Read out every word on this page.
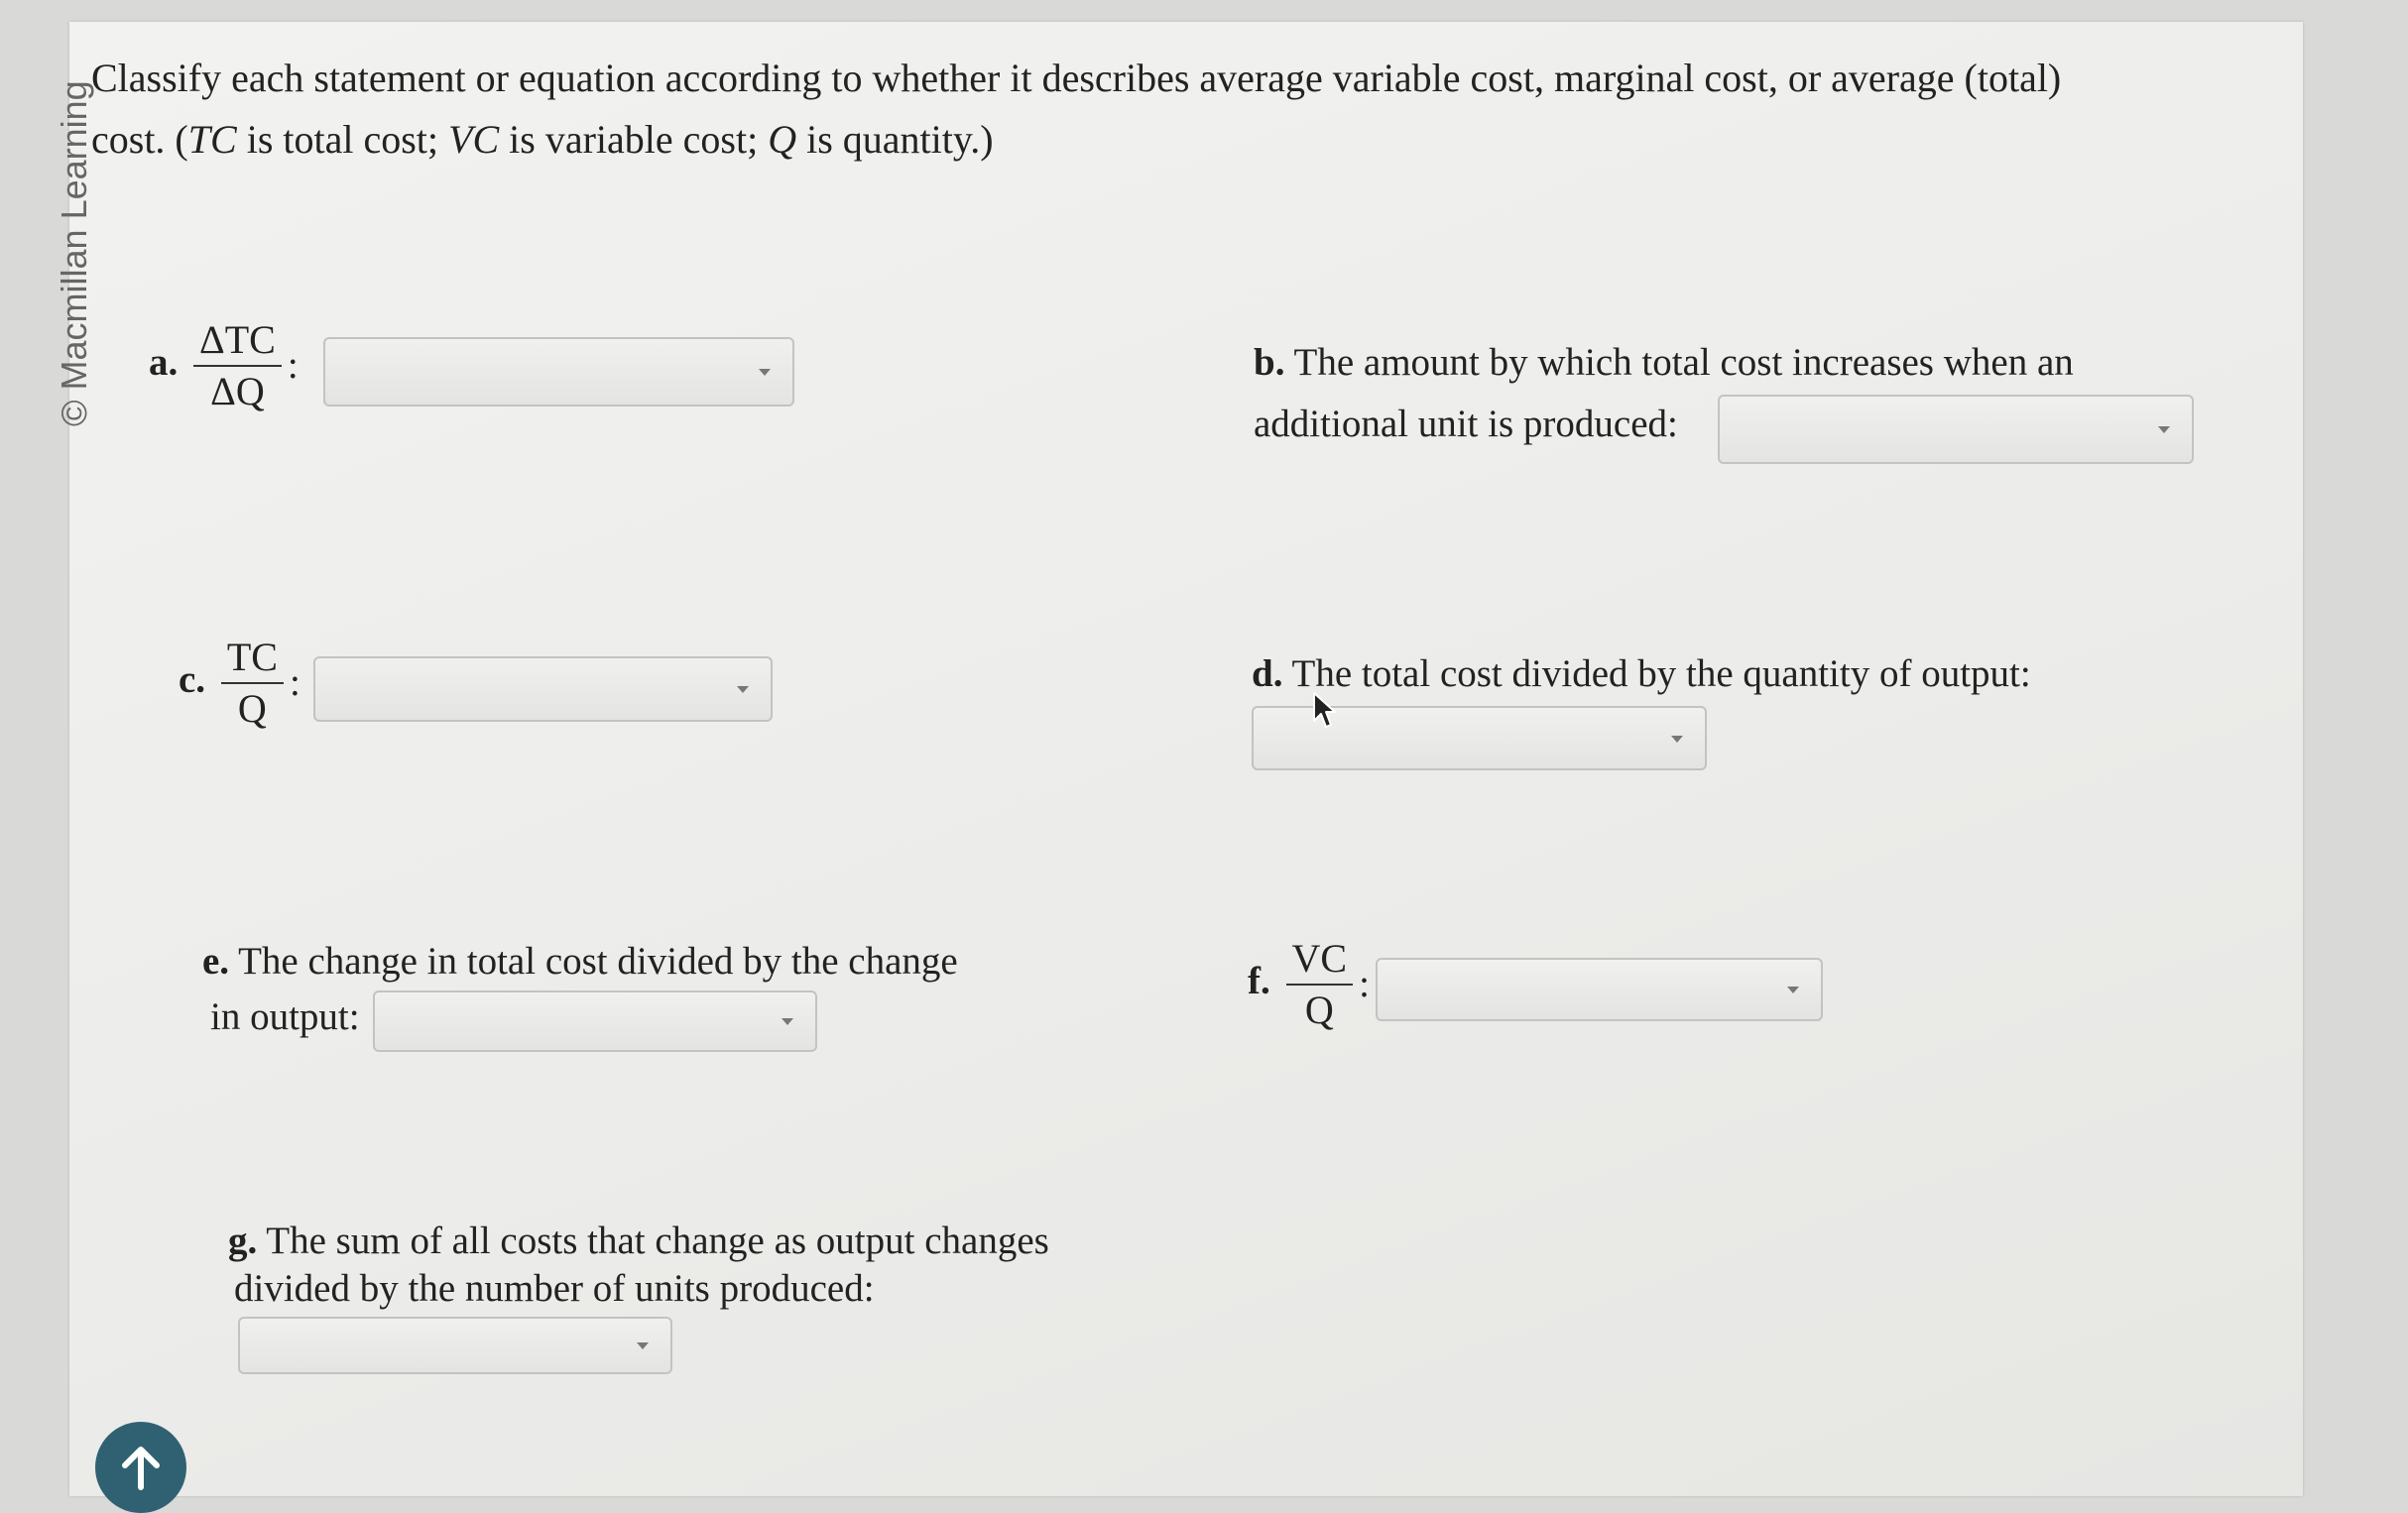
© Macmillan Learning
Classify each statement or equation according to whether it describes average variable cost, marginal cost, or average (total) cost. (TC is total cost; VC is variable cost; Q is quantity.)
a. $\frac{\text{ΔTC}}{\Delta Q}$ :	b. The amount by which total cost increases when an
additional unit is produced:
c. $\frac{TC}{Q}$ :	d. The total cost divided by the quantity of output:
e. The change in total cost divided by the change
in output:
f. $\frac{VC}{Q}$ :
g. The sum of all costs that change as output changes
divided by the number of units produced:
